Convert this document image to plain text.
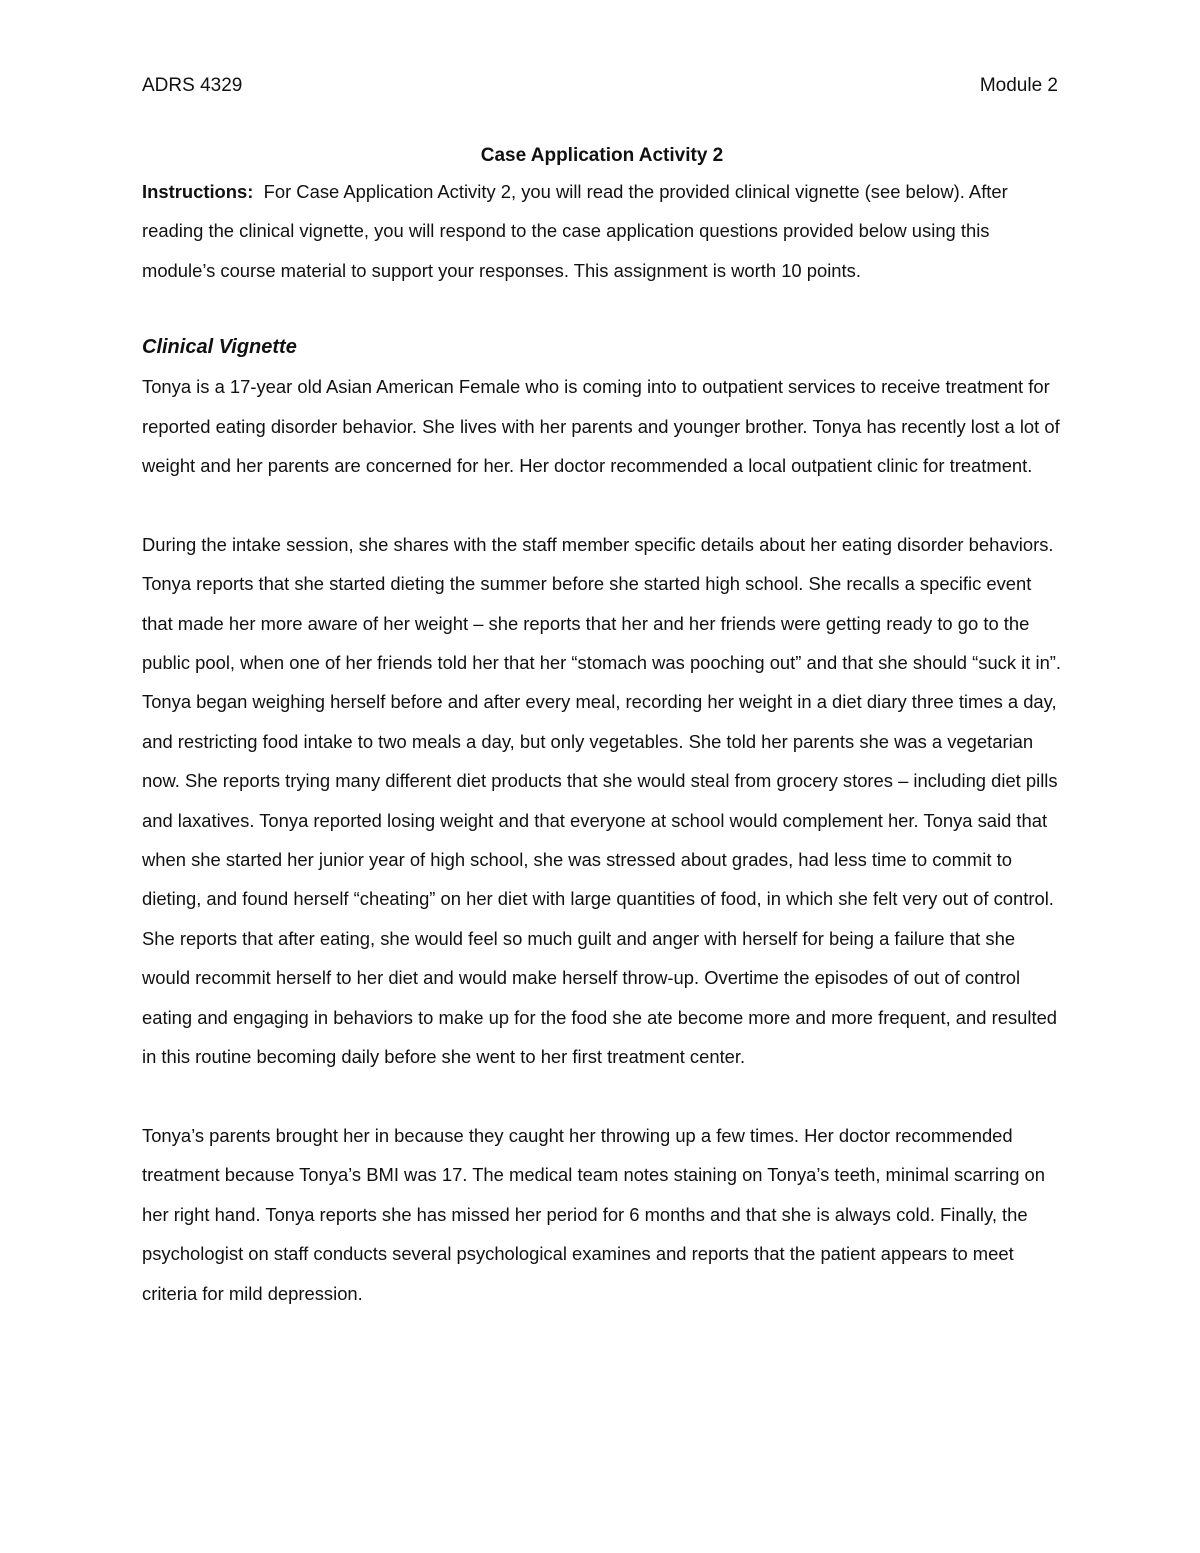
ADRS 4329	Module 2
Case Application Activity 2

Instructions: For Case Application Activity 2, you will read the provided clinical vignette (see below). After reading the clinical vignette, you will respond to the case application questions provided below using this module’s course material to support your responses. This assignment is worth 10 points.

Clinical Vignette

Tonya is a 17-year old Asian American Female who is coming into to outpatient services to receive treatment for reported eating disorder behavior. She lives with her parents and younger brother. Tonya has recently lost a lot of weight and her parents are concerned for her. Her doctor recommended a local outpatient clinic for treatment.

During the intake session, she shares with the staff member specific details about her eating disorder behaviors. Tonya reports that she started dieting the summer before she started high school. She recalls a specific event that made her more aware of her weight – she reports that her and her friends were getting ready to go to the public pool, when one of her friends told her that her “stomach was pooching out” and that she should “suck it in”. Tonya began weighing herself before and after every meal, recording her weight in a diet diary three times a day, and restricting food intake to two meals a day, but only vegetables. She told her parents she was a vegetarian now. She reports trying many different diet products that she would steal from grocery stores – including diet pills and laxatives. Tonya reported losing weight and that everyone at school would complement her. Tonya said that when she started her junior year of high school, she was stressed about grades, had less time to commit to dieting, and found herself “cheating” on her diet with large quantities of food, in which she felt very out of control. She reports that after eating, she would feel so much guilt and anger with herself for being a failure that she would recommit herself to her diet and would make herself throw-up. Overtime the episodes of out of control eating and engaging in behaviors to make up for the food she ate become more and more frequent, and resulted in this routine becoming daily before she went to her first treatment center.

Tonya’s parents brought her in because they caught her throwing up a few times. Her doctor recommended treatment because Tonya’s BMI was 17. The medical team notes staining on Tonya’s teeth, minimal scarring on her right hand. Tonya reports she has missed her period for 6 months and that she is always cold. Finally, the psychologist on staff conducts several psychological examines and reports that the patient appears to meet criteria for mild depression.
